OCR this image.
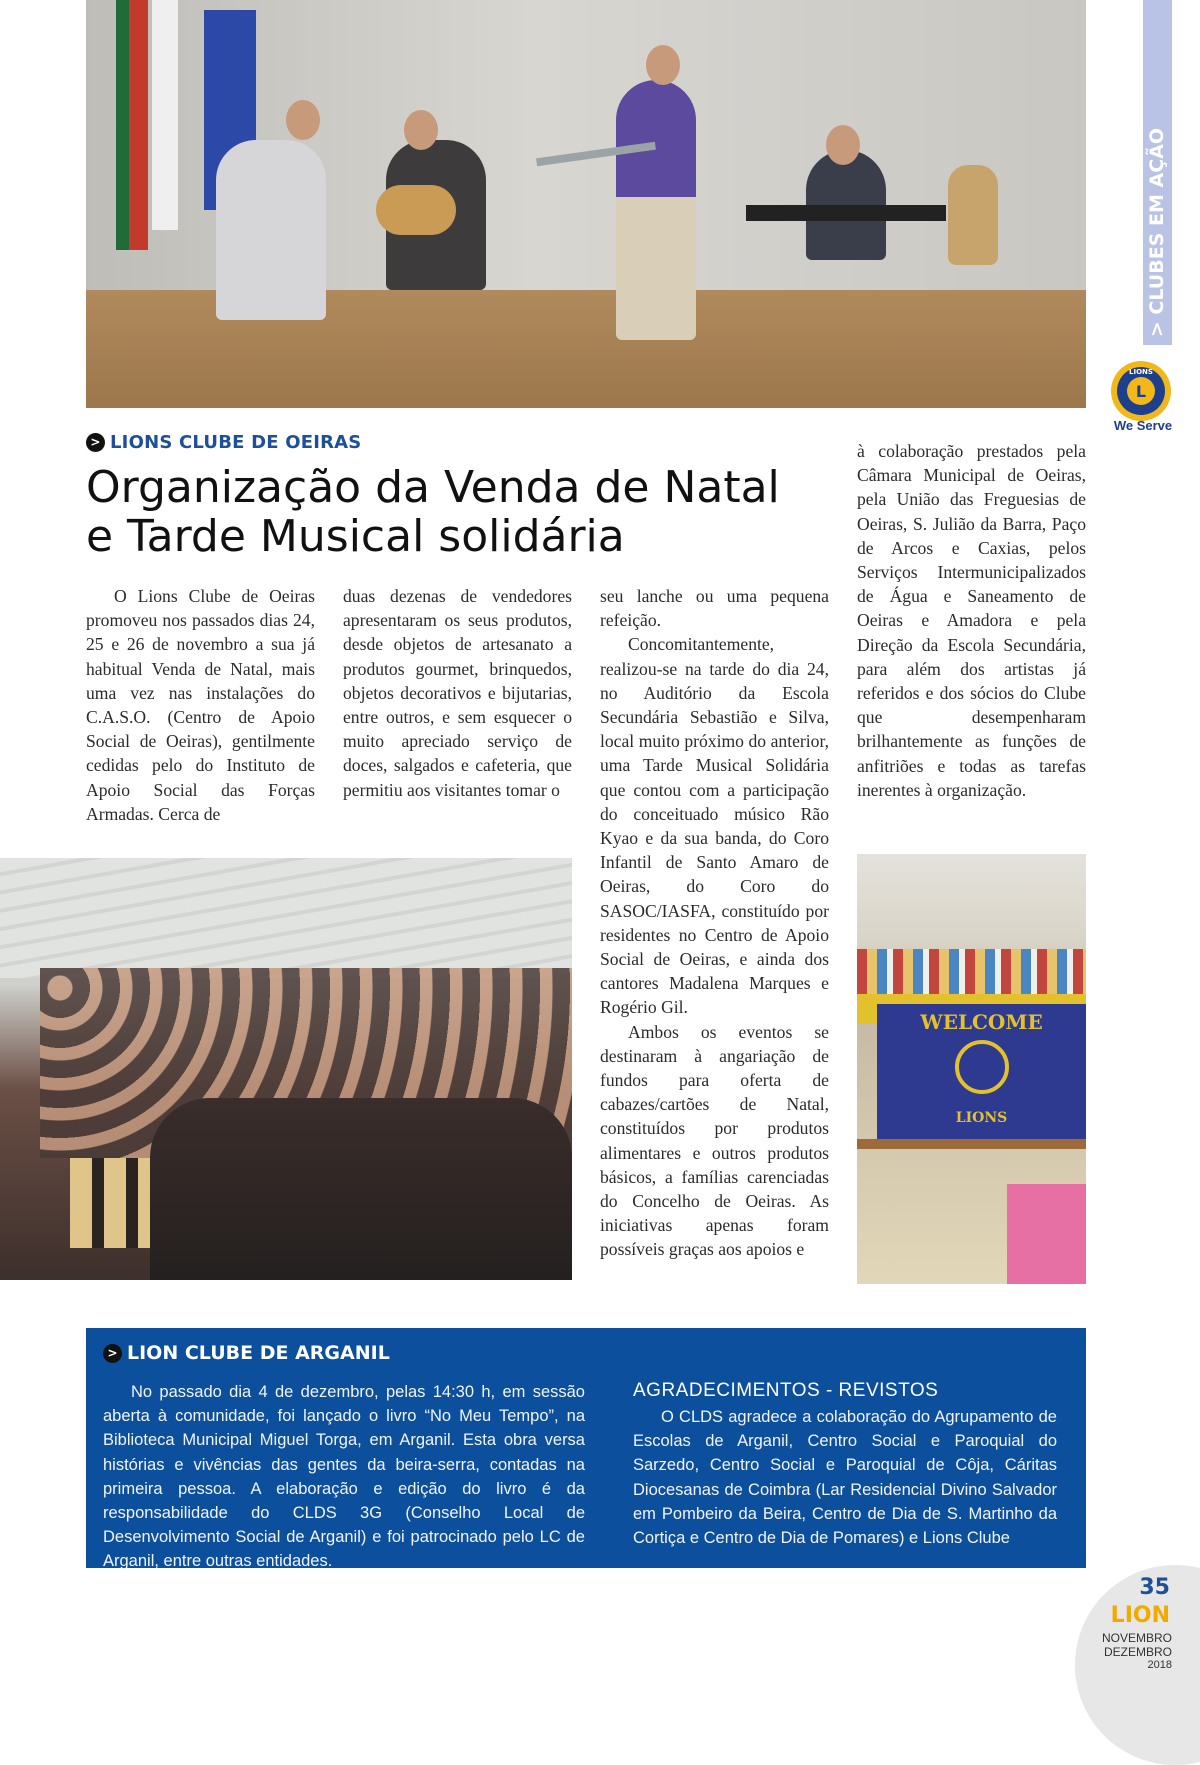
> CLUBES EM AÇÃO
L
LIONS
We Serve
> LIONS CLUBE DE OEIRAS
Organização da Venda de Natal
e Tarde Musical solidária

O Lions Clube de Oeiras promoveu nos passados dias 24, 25 e 26 de novembro a sua já habitual Venda de Natal, mais uma vez nas instalações do C.A.S.O. (Centro de Apoio Social de Oeiras), gentilmente cedidas pelo do Instituto de Apoio Social das Forças Armadas. Cerca de

duas dezenas de vendedores apresentaram os seus produtos, desde objetos de artesanato a produtos gourmet, brinquedos, objetos decorativos e bijutarias, entre outros, e sem esquecer o muito apreciado serviço de doces, salgados e cafeteria, que permitiu aos visitantes tomar o

seu lanche ou uma pequena refeição.

Concomitantemente, realizou-se na tarde do dia 24, no Auditório da Escola Secundária Sebastião e Silva, local muito próximo do anterior, uma Tarde Musical Solidária que contou com a participação do conceituado músico Rão Kyao e da sua banda, do Coro Infantil de Santo Amaro de Oeiras, do Coro do SASOC/IASFA, constituído por residentes no Centro de Apoio Social de Oeiras, e ainda dos cantores Madalena Marques e Rogério Gil.

Ambos os eventos se destinaram à angariação de fundos para oferta de cabazes/cartões de Natal, constituídos por produtos alimentares e outros produtos básicos, a famílias carenciadas do Concelho de Oeiras. As iniciativas apenas foram possíveis graças aos apoios e

à colaboração prestados pela Câmara Municipal de Oeiras, pela União das Freguesias de Oeiras, S. Julião da Barra, Paço de Arcos e Caxias, pelos Serviços Intermunicipalizados de Água e Saneamento de Oeiras e Amadora e pela Direção da Escola Secundária, para além dos artistas já referidos e dos sócios do Clube que desempenharam brilhantemente as funções de anfitriões e todas as tarefas inerentes à organização.

WELCOME
LIONS
> LION CLUBE DE ARGANIL

No passado dia 4 de dezembro, pelas 14:30 h, em sessão aberta à comunidade, foi lançado o livro “No Meu Tempo”, na Biblioteca Municipal Miguel Torga, em Arganil. Esta obra versa histórias e vivências das gentes da beira-serra, contadas na primeira pessoa. A elaboração e edição do livro é da responsabilidade do CLDS 3G (Conselho Local de Desenvolvimento Social de Arganil) e foi patrocinado pelo LC de Arganil, entre outras entidades.

AGRADECIMENTOS - REVISTOS

O CLDS agradece a colaboração do Agrupamento de Escolas de Arganil, Centro Social e Paroquial do Sarzedo, Centro Social e Paroquial de Côja, Cáritas Diocesanas de Coimbra (Lar Residencial Divino Salvador em Pombeiro da Beira, Centro de Dia de S. Martinho da Cortiça e Centro de Dia de Pomares) e Lions Clube

35
LION
NOVEMBRO
DEZEMBRO
2018
